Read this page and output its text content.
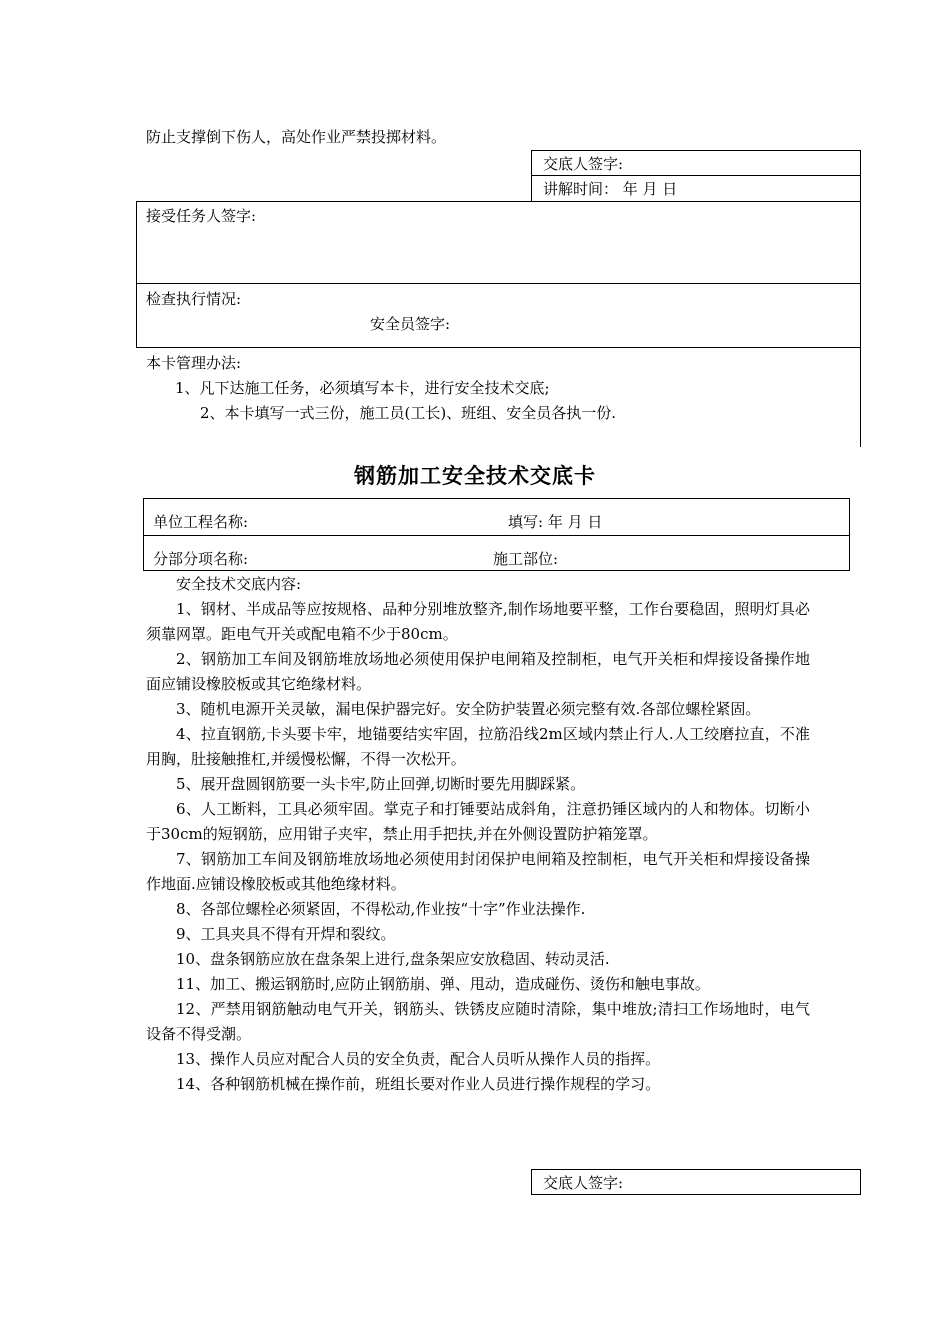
防止支撑倒下伤人，高处作业严禁投掷材料。
交底人签字:
讲解时间： 年 月 日
接受任务人签字:
检查执行情况:
安全员签字:
本卡管理办法:
1、凡下达施工任务，必须填写本卡，进行安全技术交底;
2、本卡填写一式三份，施工员(工长)、班组、安全员各执一份.
钢筋加工安全技术交底卡
单位工程名称:	填写: 年 月 日
分部分项名称:	施工部位:
安全技术交底内容:

1、钢材、半成品等应按规格、品种分别堆放整齐,制作场地要平整，工作台要稳固，照明灯具必须靠网罩。距电气开关或配电箱不少于80cm。

2、钢筋加工车间及钢筋堆放场地必须使用保护电闸箱及控制柜，电气开关柜和焊接设备操作地面应铺设橡胶板或其它绝缘材料。

3、随机电源开关灵敏，漏电保护器完好。安全防护装置必须完整有效.各部位螺栓紧固。

4、拉直钢筋,卡头要卡牢，地锚要结实牢固，拉筋沿线2m区域内禁止行人.人工绞磨拉直，不准用胸，肚接触推杠,并缓慢松懈，不得一次松开。

5、展开盘圆钢筋要一头卡牢,防止回弹,切断时要先用脚踩紧。

6、人工断料，工具必须牢固。掌克子和打锤要站成斜角，注意扔锤区域内的人和物体。切断小于30cm的短钢筋，应用钳子夹牢，禁止用手把扶,并在外侧设置防护箱笼罩。

7、钢筋加工车间及钢筋堆放场地必须使用封闭保护电闸箱及控制柜，电气开关柜和焊接设备操作地面.应铺设橡胶板或其他绝缘材料。

8、各部位螺栓必须紧固，不得松动,作业按“十字”作业法操作.

9、工具夹具不得有开焊和裂纹。

10、盘条钢筋应放在盘条架上进行,盘条架应安放稳固、转动灵活.

11、加工、搬运钢筋时,应防止钢筋崩、弹、甩动，造成碰伤、烫伤和触电事故。

12、严禁用钢筋触动电气开关，钢筋头、铁锈皮应随时清除，集中堆放;清扫工作场地时，电气设备不得受潮。

13、操作人员应对配合人员的安全负责，配合人员听从操作人员的指挥。

14、各种钢筋机械在操作前，班组长要对作业人员进行操作规程的学习。

交底人签字:
